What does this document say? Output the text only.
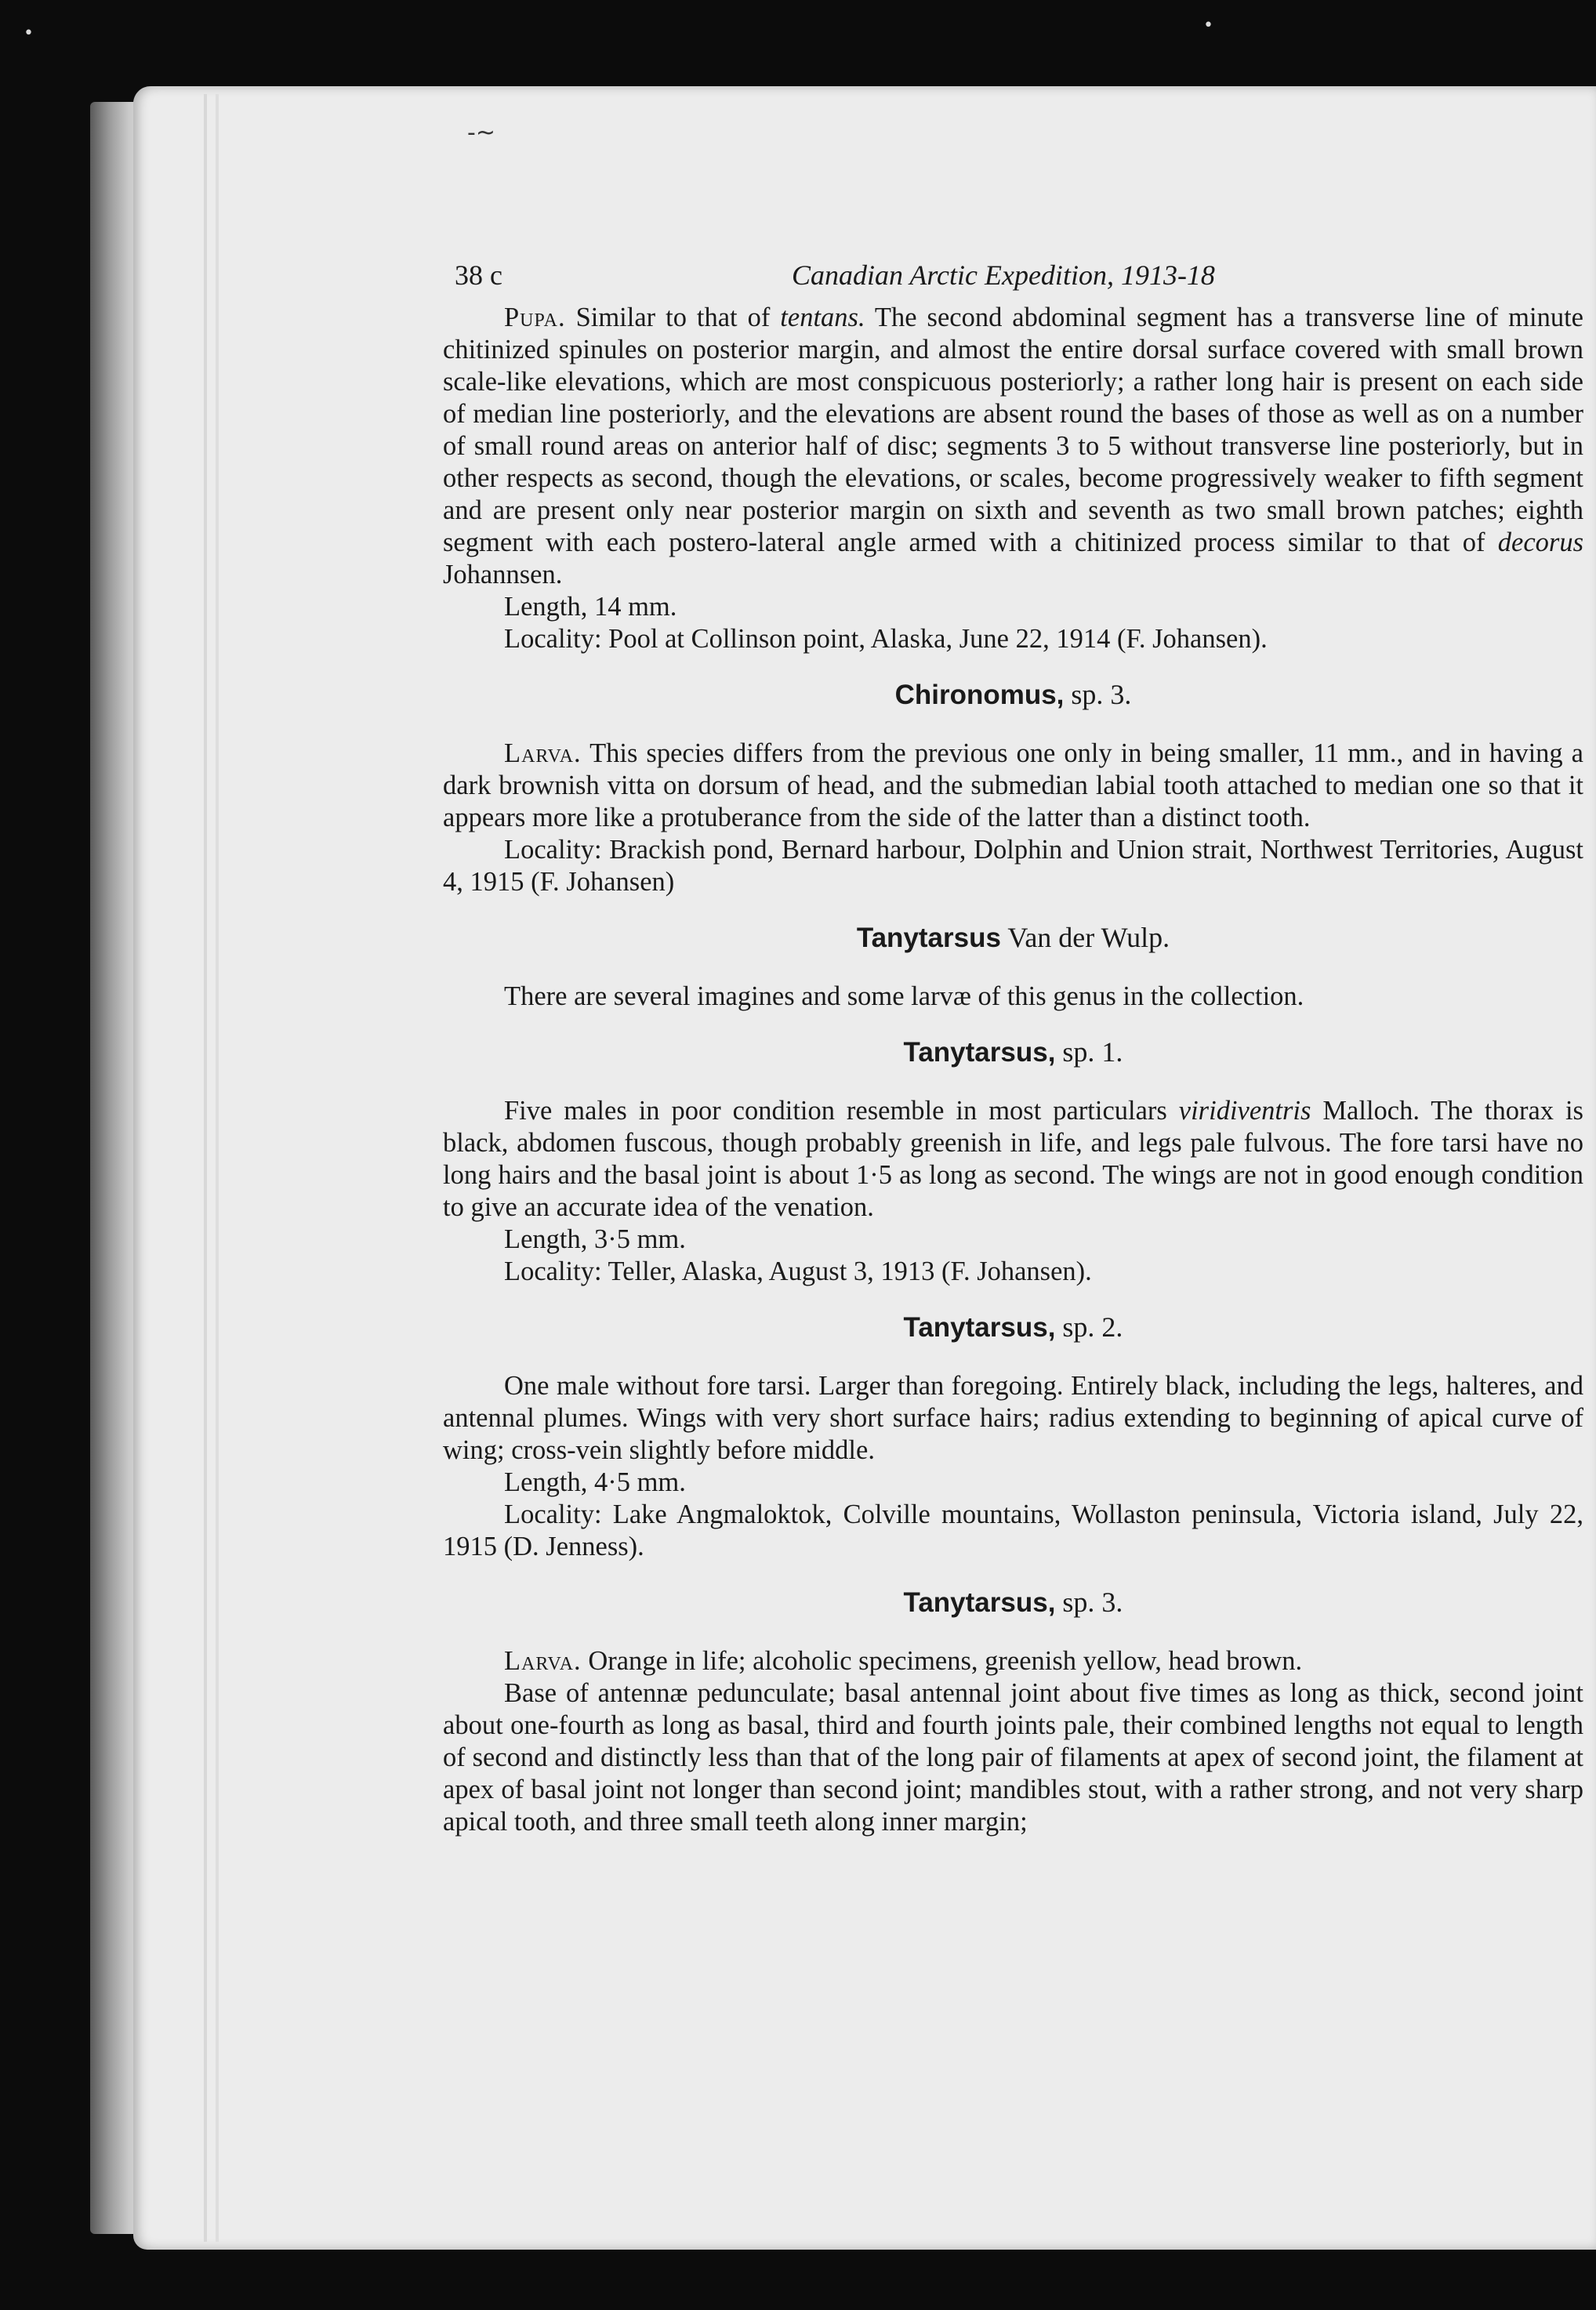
-~
•	•
38 c	Canadian Arctic Expedition, 1913-18

Pupa. Similar to that of tentans. The second abdominal segment has a transverse line of minute chitinized spinules on posterior margin, and almost the entire dorsal surface covered with small brown scale-like elevations, which are most conspicuous posteriorly; a rather long hair is present on each side of median line posteriorly, and the elevations are absent round the bases of those as well as on a number of small round areas on anterior half of disc; segments 3 to 5 without transverse line posteriorly, but in other respects as second, though the elevations, or scales, become progressively weaker to fifth segment and are present only near posterior margin on sixth and seventh as two small brown patches; eighth segment with each postero-lateral angle armed with a chitinized process similar to that of decorus Johannsen.

Length, 14 mm.

Locality: Pool at Collinson point, Alaska, June 22, 1914 (F. Johansen).

Chironomus, sp. 3.

Larva. This species differs from the previous one only in being smaller, 11 mm., and in having a dark brownish vitta on dorsum of head, and the submedian labial tooth attached to median one so that it appears more like a protuberance from the side of the latter than a distinct tooth.

Locality: Brackish pond, Bernard harbour, Dolphin and Union strait, Northwest Territories, August 4, 1915 (F. Johansen)

Tanytarsus Van der Wulp.

There are several imagines and some larvæ of this genus in the collection.

Tanytarsus, sp. 1.

Five males in poor condition resemble in most particulars viridiventris Malloch. The thorax is black, abdomen fuscous, though probably greenish in life, and legs pale fulvous. The fore tarsi have no long hairs and the basal joint is about 1·5 as long as second. The wings are not in good enough condition to give an accurate idea of the venation.

Length, 3·5 mm.

Locality: Teller, Alaska, August 3, 1913 (F. Johansen).

Tanytarsus, sp. 2.

One male without fore tarsi. Larger than foregoing. Entirely black, including the legs, halteres, and antennal plumes. Wings with very short surface hairs; radius extending to beginning of apical curve of wing; cross-vein slightly before middle.

Length, 4·5 mm.

Locality: Lake Angmaloktok, Colville mountains, Wollaston peninsula, Victoria island, July 22, 1915 (D. Jenness).

Tanytarsus, sp. 3.

Larva. Orange in life; alcoholic specimens, greenish yellow, head brown.

Base of antennæ pedunculate; basal antennal joint about five times as long as thick, second joint about one-fourth as long as basal, third and fourth joints pale, their combined lengths not equal to length of second and distinctly less than that of the long pair of filaments at apex of second joint, the filament at apex of basal joint not longer than second joint; mandibles stout, with a rather strong, and not very sharp apical tooth, and three small teeth along inner margin;
